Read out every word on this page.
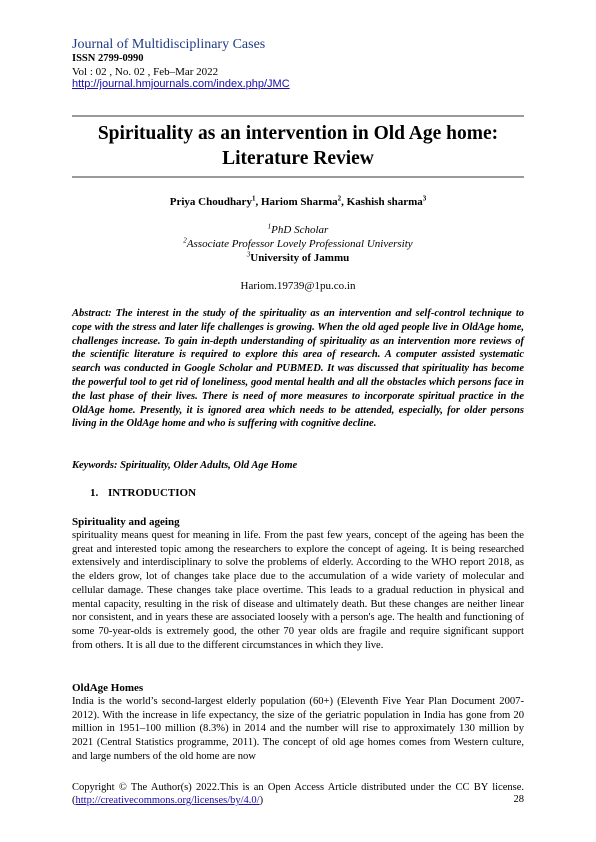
Journal of Multidisciplinary Cases
ISSN 2799-0990
Vol : 02 , No. 02 , Feb–Mar 2022
http://journal.hmjournals.com/index.php/JMC
Spirituality as an intervention in Old Age home: Literature Review
Priya Choudhary$^1$, Hariom Sharma$^2$, Kashish sharma$^3$
$^1$PhD Scholar
$^2$Associate Professor Lovely Professional University
$^3$University of Jammu
Hariom.19739@1pu.co.in
Abstract: The interest in the study of the spirituality as an intervention and self-control technique to cope with the stress and later life challenges is growing. When the old aged people live in OldAge home, challenges increase. To gain in-depth understanding of spirituality as an intervention more reviews of the scientific literature is required to explore this area of research. A computer assisted systematic search was conducted in Google Scholar and PUBMED. It was discussed that spirituality has become the powerful tool to get rid of loneliness, good mental health and all the obstacles which persons face in the last phase of their lives. There is need of more measures to incorporate spiritual practice in the OldAge home. Presently, it is ignored area which needs to be attended, especially, for older persons living in the OldAge home and who is suffering with cognitive decline.
Keywords: Spirituality, Older Adults, Old Age Home
1. INTRODUCTION
Spirituality and ageing
spirituality means quest for meaning in life. From the past few years, concept of the ageing has been the great and interested topic among the researchers to explore the concept of ageing. It is being researched extensively and interdisciplinary to solve the problems of elderly. According to the WHO report 2018, as the elders grow, lot of changes take place due to the accumulation of a wide variety of molecular and cellular damage. These changes take place overtime. This leads to a gradual reduction in physical and mental capacity, resulting in the risk of disease and ultimately death. But these changes are neither linear nor consistent, and in years these are associated loosely with a person's age. The health and functioning of some 70-year-olds is extremely good, the other 70 year olds are fragile and require significant support from others. It is all due to the different circumstances in which they live.
OldAge Homes
India is the world’s second-largest elderly population (60+) (Eleventh Five Year Plan Document 2007-2012). With the increase in life expectancy, the size of the geriatric population in India has gone from 20 million in 1951–100 million (8.3%) in 2014 and the number will rise to approximately 130 million by 2021 (Central Statistics programme, 2011). The concept of old age homes comes from Western culture, and large numbers of the old home are now
Copyright © The Author(s) 2022.This is an Open Access Article distributed under the CC BY license.(http://creativecommons.org/licenses/by/4.0/)	28
